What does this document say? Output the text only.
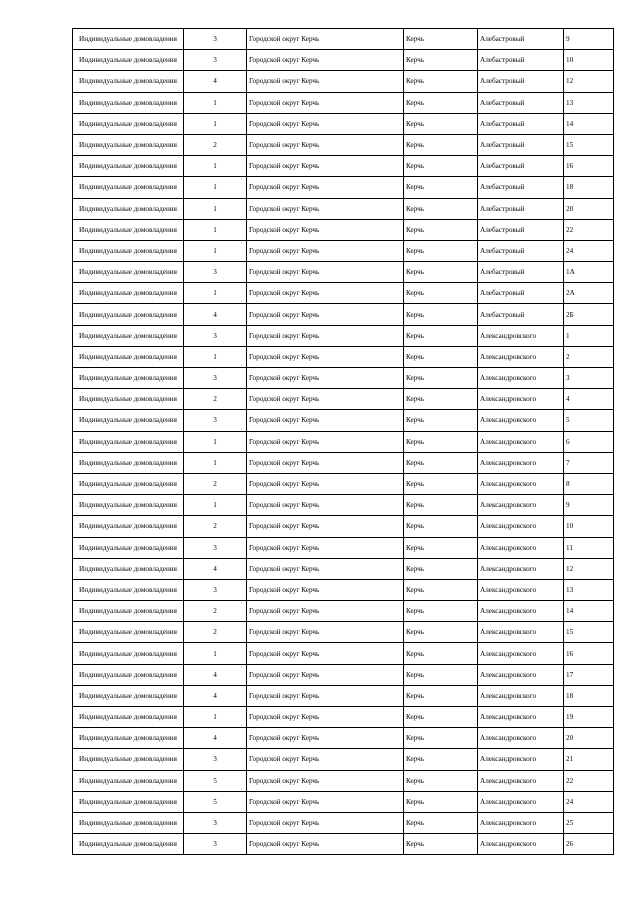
Индивидуальные домовладения	3	Городской округ Керчь	Керчь	Алебастровый	9
Индивидуальные домовладения	3	Городской округ Керчь	Керчь	Алебастровый	10
Индивидуальные домовладения	4	Городской округ Керчь	Керчь	Алебастровый	12
Индивидуальные домовладения	1	Городской округ Керчь	Керчь	Алебастровый	13
Индивидуальные домовладения	1	Городской округ Керчь	Керчь	Алебастровый	14
Индивидуальные домовладения	2	Городской округ Керчь	Керчь	Алебастровый	15
Индивидуальные домовладения	1	Городской округ Керчь	Керчь	Алебастровый	16
Индивидуальные домовладения	1	Городской округ Керчь	Керчь	Алебастровый	18
Индивидуальные домовладения	1	Городской округ Керчь	Керчь	Алебастровый	20
Индивидуальные домовладения	1	Городской округ Керчь	Керчь	Алебастровый	22
Индивидуальные домовладения	1	Городской округ Керчь	Керчь	Алебастровый	24
Индивидуальные домовладения	3	Городской округ Керчь	Керчь	Алебастровый	1А
Индивидуальные домовладения	1	Городской округ Керчь	Керчь	Алебастровый	2А
Индивидуальные домовладения	4	Городской округ Керчь	Керчь	Алебастровый	2Б
Индивидуальные домовладения	3	Городской округ Керчь	Керчь	Александровского	1
Индивидуальные домовладения	1	Городской округ Керчь	Керчь	Александровского	2
Индивидуальные домовладения	3	Городской округ Керчь	Керчь	Александровского	3
Индивидуальные домовладения	2	Городской округ Керчь	Керчь	Александровского	4
Индивидуальные домовладения	3	Городской округ Керчь	Керчь	Александровского	5
Индивидуальные домовладения	1	Городской округ Керчь	Керчь	Александровского	6
Индивидуальные домовладения	1	Городской округ Керчь	Керчь	Александровского	7
Индивидуальные домовладения	2	Городской округ Керчь	Керчь	Александровского	8
Индивидуальные домовладения	1	Городской округ Керчь	Керчь	Александровского	9
Индивидуальные домовладения	2	Городской округ Керчь	Керчь	Александровского	10
Индивидуальные домовладения	3	Городской округ Керчь	Керчь	Александровского	11
Индивидуальные домовладения	4	Городской округ Керчь	Керчь	Александровского	12
Индивидуальные домовладения	3	Городской округ Керчь	Керчь	Александровского	13
Индивидуальные домовладения	2	Городской округ Керчь	Керчь	Александровского	14
Индивидуальные домовладения	2	Городской округ Керчь	Керчь	Александровского	15
Индивидуальные домовладения	1	Городской округ Керчь	Керчь	Александровского	16
Индивидуальные домовладения	4	Городской округ Керчь	Керчь	Александровского	17
Индивидуальные домовладения	4	Городской округ Керчь	Керчь	Александровского	18
Индивидуальные домовладения	1	Городской округ Керчь	Керчь	Александровского	19
Индивидуальные домовладения	4	Городской округ Керчь	Керчь	Александровского	20
Индивидуальные домовладения	3	Городской округ Керчь	Керчь	Александровского	21
Индивидуальные домовладения	5	Городской округ Керчь	Керчь	Александровского	22
Индивидуальные домовладения	5	Городской округ Керчь	Керчь	Александровского	24
Индивидуальные домовладения	3	Городской округ Керчь	Керчь	Александровского	25
Индивидуальные домовладения	3	Городской округ Керчь	Керчь	Александровского	26
